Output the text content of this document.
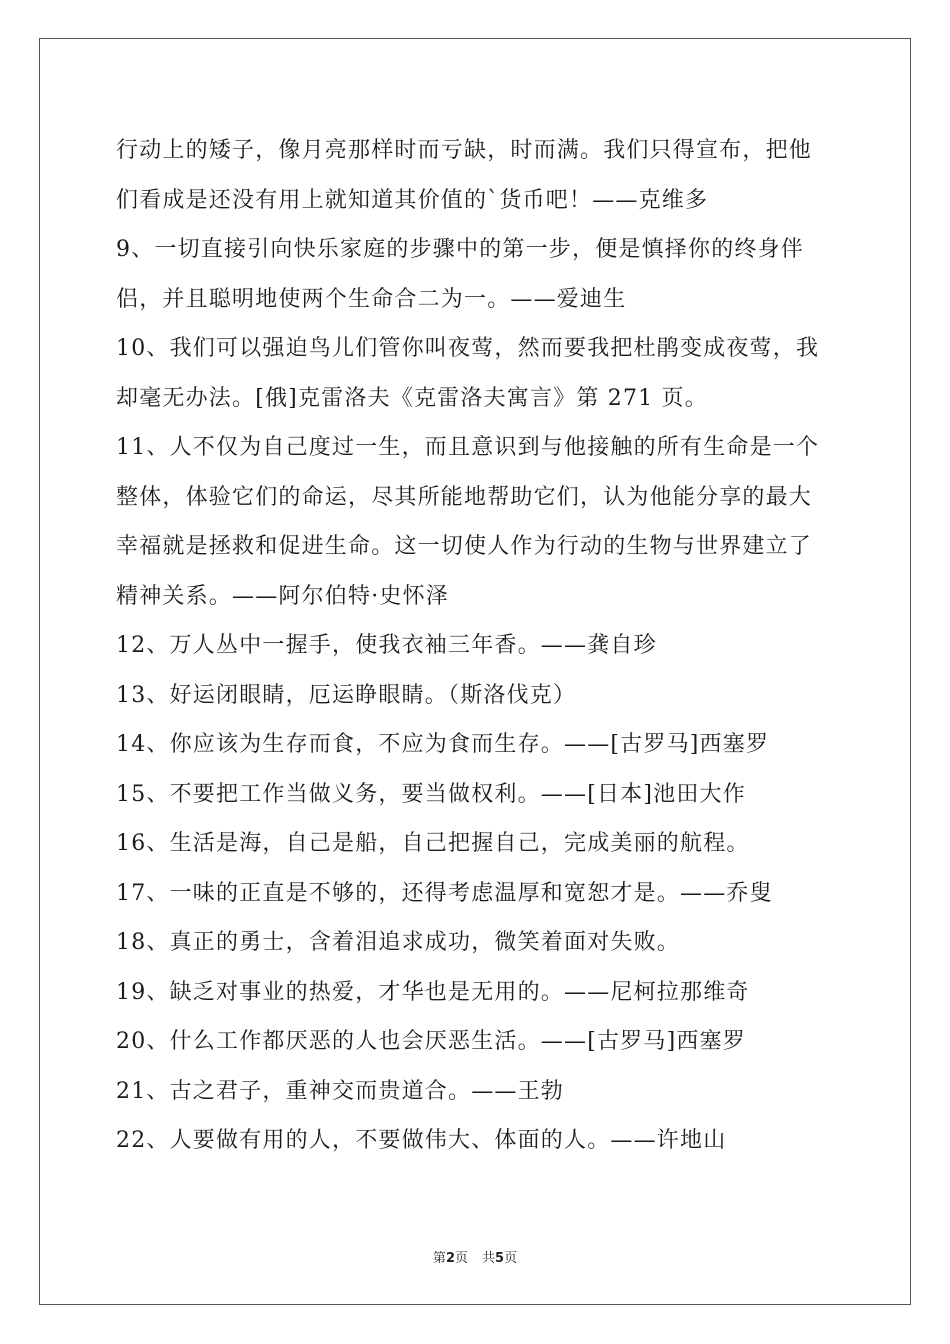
行动上的矮子，像月亮那样时而亏缺，时而满。我们只得宣布，把他
们看成是还没有用上就知道其价值的`货币吧！——克维多
9、一切直接引向快乐家庭的步骤中的第一步，便是慎择你的终身伴
侣，并且聪明地使两个生命合二为一。——爱迪生
10、我们可以强迫鸟儿们管你叫夜莺，然而要我把杜鹃变成夜莺，我
却毫无办法。[俄]克雷洛夫《克雷洛夫寓言》第 271 页。
11、人不仅为自己度过一生，而且意识到与他接触的所有生命是一个
整体，体验它们的命运，尽其所能地帮助它们，认为他能分享的最大
幸福就是拯救和促进生命。这一切使人作为行动的生物与世界建立了
精神关系。——阿尔伯特·史怀泽
12、万人丛中一握手，使我衣袖三年香。——龚自珍
13、好运闭眼睛，厄运睁眼睛。（斯洛伐克）
14、你应该为生存而食，不应为食而生存。——[古罗马]西塞罗
15、不要把工作当做义务，要当做权利。——[日本]池田大作
16、生活是海，自己是船，自己把握自己，完成美丽的航程。
17、一味的正直是不够的，还得考虑温厚和宽恕才是。——乔叟
18、真正的勇士，含着泪追求成功，微笑着面对失败。
19、缺乏对事业的热爱，才华也是无用的。——尼柯拉那维奇
20、什么工作都厌恶的人也会厌恶生活。——[古罗马]西塞罗
21、古之君子，重神交而贵道合。——王勃
22、人要做有用的人，不要做伟大、体面的人。——许地山
第2页 共5页
